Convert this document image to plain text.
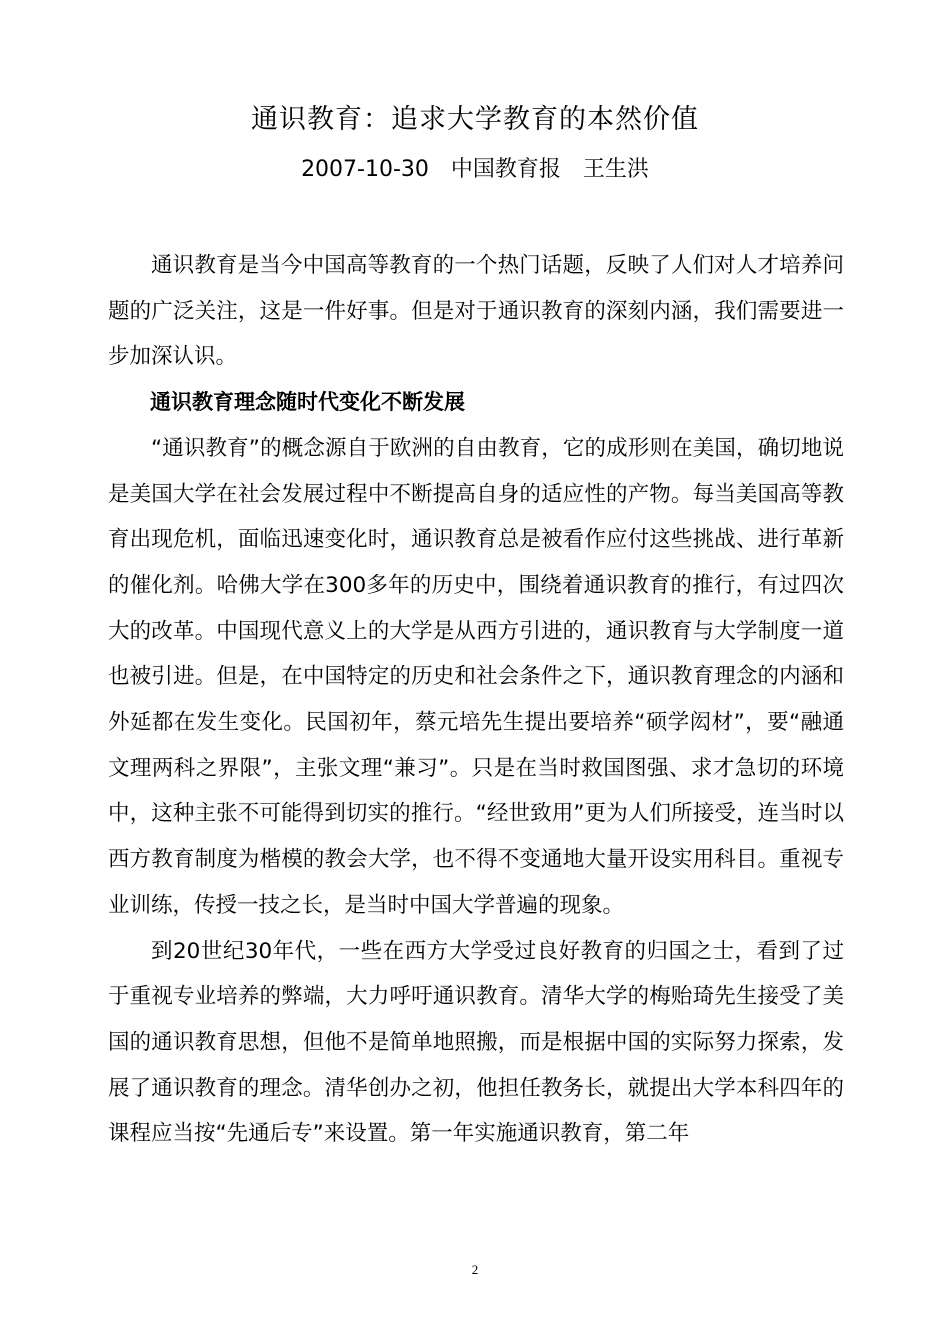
通识教育：追求大学教育的本然价值
2007-10-30　中国教育报　王生洪

通识教育是当今中国高等教育的一个热门话题，反映了人们对人才培养问题的广泛关注，这是一件好事。但是对于通识教育的深刻内涵，我们需要进一步加深认识。

通识教育理念随时代变化不断发展

“通识教育”的概念源自于欧洲的自由教育，它的成形则在美国，确切地说是美国大学在社会发展过程中不断提高自身的适应性的产物。每当美国高等教育出现危机，面临迅速变化时，通识教育总是被看作应付这些挑战、进行革新的催化剂。哈佛大学在300多年的历史中，围绕着通识教育的推行，有过四次大的改革。中国现代意义上的大学是从西方引进的，通识教育与大学制度一道也被引进。但是，在中国特定的历史和社会条件之下，通识教育理念的内涵和外延都在发生变化。民国初年，蔡元培先生提出要培养“硕学闳材”，要“融通文理两科之界限”，主张文理“兼习”。只是在当时救国图强、求才急切的环境中，这种主张不可能得到切实的推行。“经世致用”更为人们所接受，连当时以西方教育制度为楷模的教会大学，也不得不变通地大量开设实用科目。重视专业训练，传授一技之长，是当时中国大学普遍的现象。

到20世纪30年代，一些在西方大学受过良好教育的归国之士，看到了过于重视专业培养的弊端，大力呼吁通识教育。清华大学的梅贻琦先生接受了美国的通识教育思想，但他不是简单地照搬，而是根据中国的实际努力探索，发展了通识教育的理念。清华创办之初，他担任教务长，就提出大学本科四年的课程应当按“先通后专”来设置。第一年实施通识教育，第二年

2
